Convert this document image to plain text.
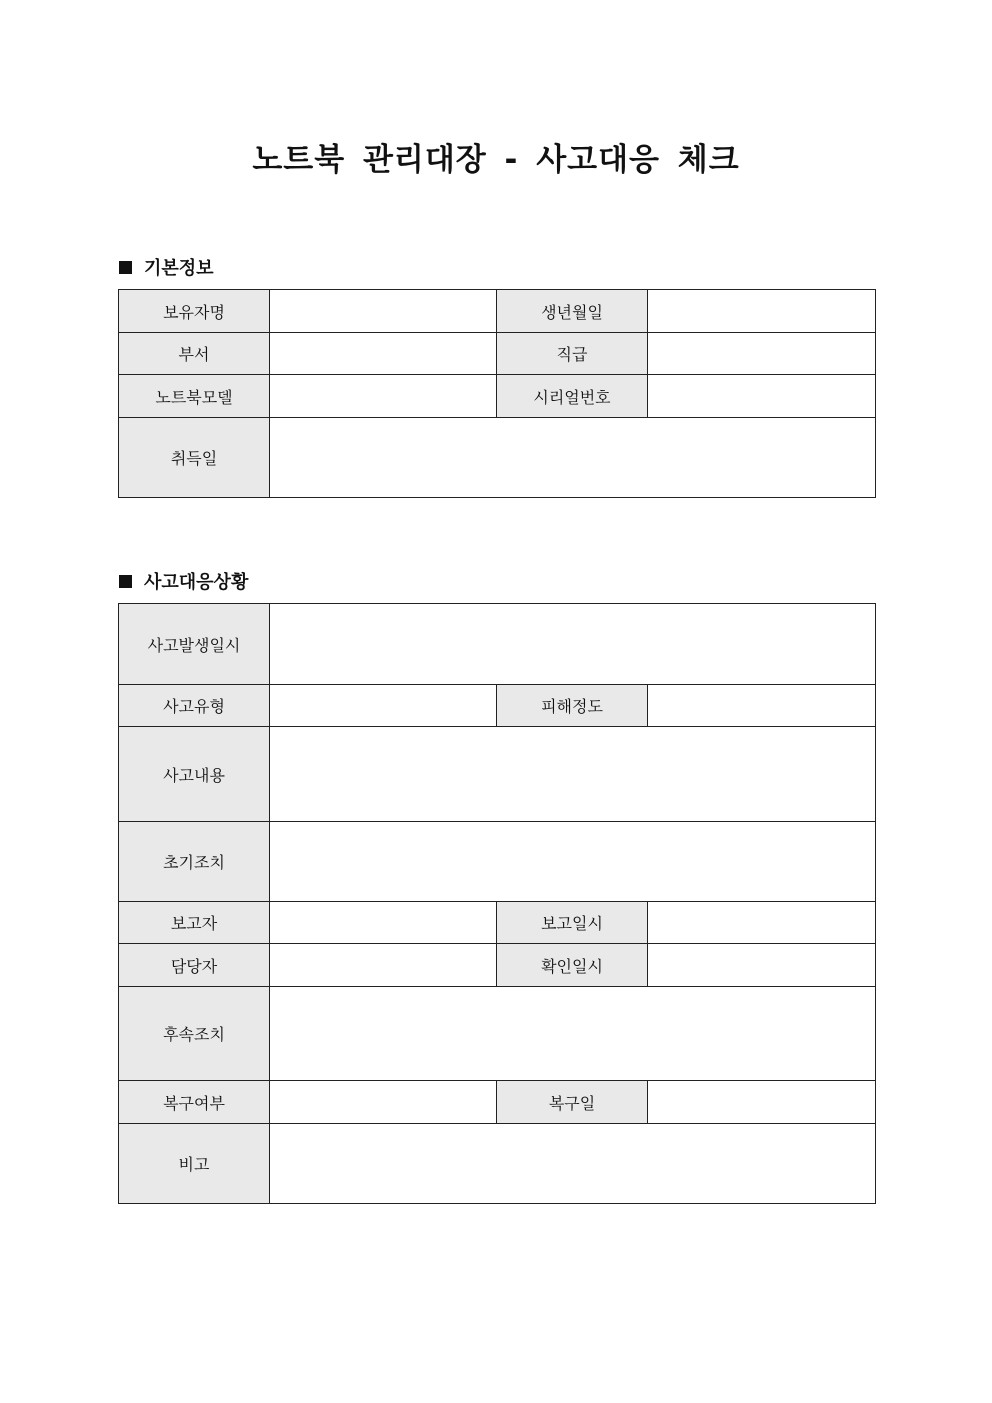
노트북 관리대장 - 사고대응 체크
기본정보
보유자명		생년월일	
부서		직급	
노트북모델		시리얼번호	
취득일			
사고대응상황
사고발생일시			
사고유형		피해정도	
사고내용			
초기조치			
보고자		보고일시	
담당자		확인일시	
후속조치			
복구여부		복구일	
비고			
